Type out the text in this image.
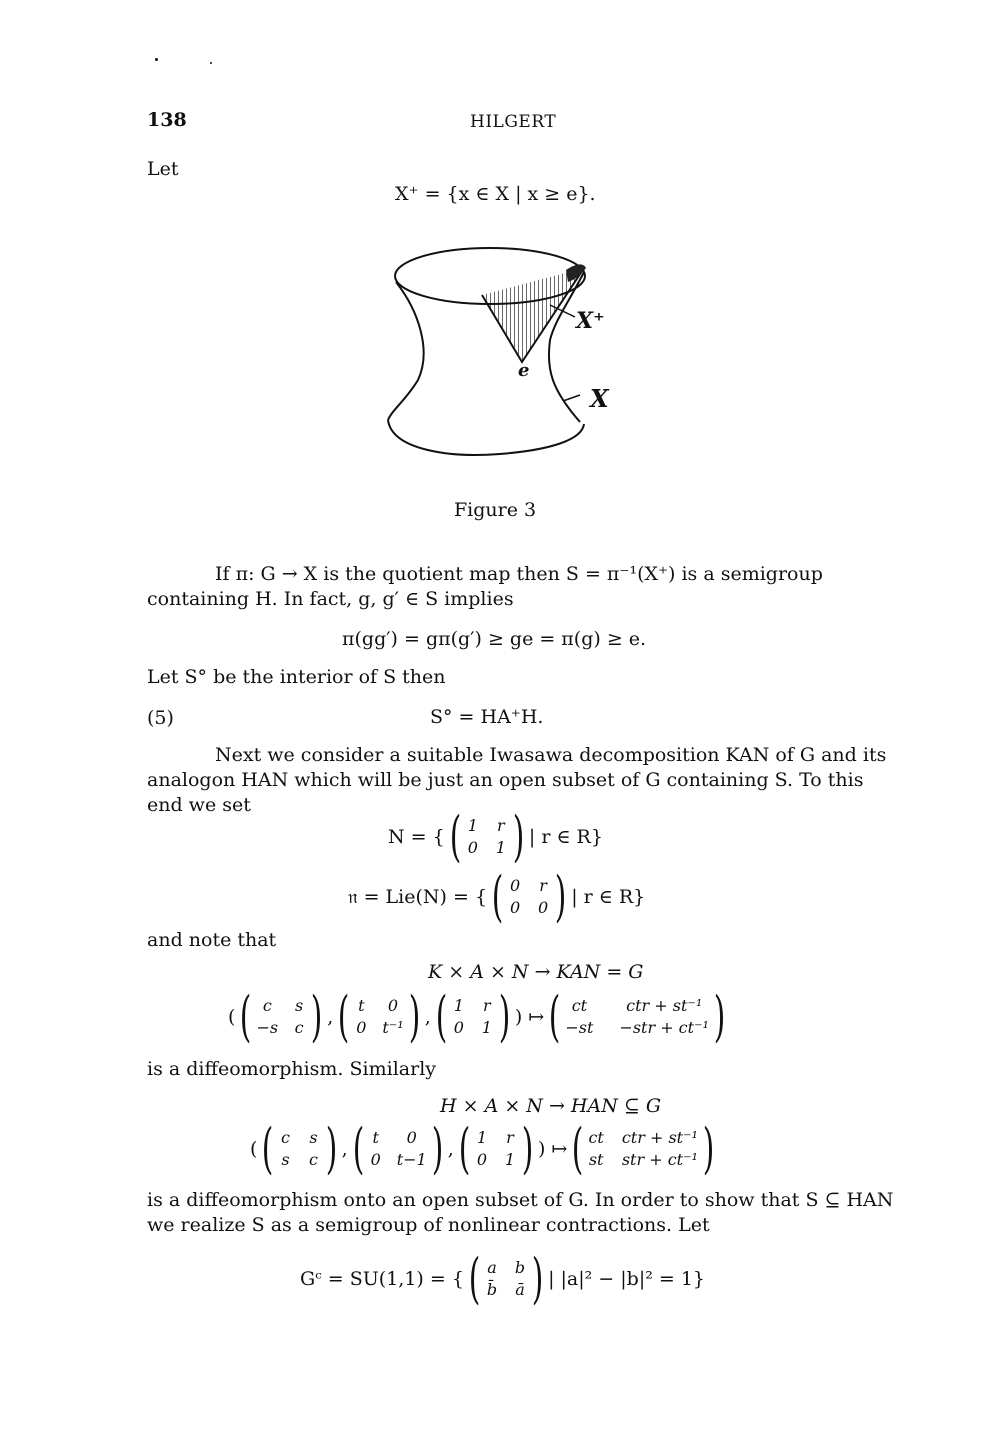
138	HILGERT
Let
X⁺ = {x ∈ X | x ≥ e}.
X⁺
e
X
Figure 3
If π: G → X is the quotient map then S = π⁻¹(X⁺) is a semigroup
containing H. In fact, g, g′ ∈ S implies
π(gg′) = gπ(g′) ≥ ge = π(g) ≥ e.
Let S° be the interior of S then
(5)	S° = HA⁺H.
Next we consider a suitable Iwasawa decomposition KAN of G and its
analogon HAN which will be just an open subset of G containing S. To this
end we set
N = { ( 1 r
0 1 ) | r ∈ R}
𝔫 = Lie(N) = { ( 0 r
0 0 ) | r ∈ R}
and note that
K × A × N → KAN = G
( ( c	s
−s c ) , ( t	0
0 t⁻¹ ) , ( 1 r
0 1 ) ) ↦ ( ct	ctr + st⁻¹
−st −str + ct⁻¹ )
is a diffeomorphism. Similarly
H × A × N → HAN ⊆ G
( ( c s
s c ) , ( t	0
0 t−1 ) , ( 1 r
0 1 ) ) ↦ ( ct ctr + st⁻¹
st str + ct⁻¹ )
is a diffeomorphism onto an open subset of G. In order to show that S ⊆ HAN
we realize S as a semigroup of nonlinear contractions. Let
Gᶜ = SU(1,1) = { ( a b
b̄ ā ) | |a|² − |b|² = 1}
